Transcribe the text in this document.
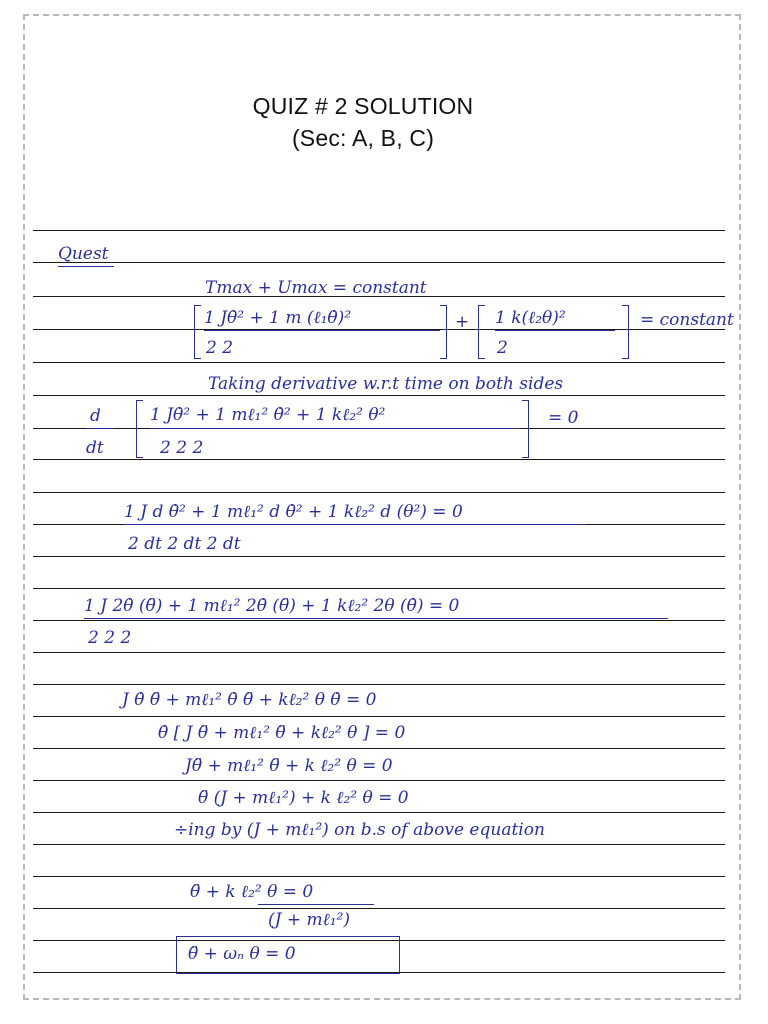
QUIZ # 2 SOLUTION
(Sec: A, B, C)
Quest
Tmax + Umax = constant
1 Jθ̇² + 1 m (ℓ₁θ̇)²
2 2
+ 1 k(ℓ₂θ)²
2
= constant
Taking derivative w.r.t time on both sides
d
dt
1 Jθ̇² + 1 mℓ₁² θ̇² + 1 kℓ₂² θ²
2 2 2
= 0
1 J d θ̇² + 1 mℓ₁² d θ̇² + 1 kℓ₂² d (θ²) = 0
2 dt 2 dt 2 dt
1 J 2θ̇ (θ̈) + 1 mℓ₁² 2θ̇ (θ̈) + 1 kℓ₂² 2θ (θ̇) = 0
2 2 2
J θ̇ θ̈ + mℓ₁² θ̇ θ̈ + kℓ₂² θ θ̇ = 0
θ̇ [ J θ̈ + mℓ₁² θ̈ + kℓ₂² θ ] = 0
Jθ̈ + mℓ₁² θ̈ + k ℓ₂² θ = 0
θ̈ (J + mℓ₁²) + k ℓ₂² θ = 0
÷ing by (J + mℓ₁²) on b.s of above equation
θ̈ + k ℓ₂² θ = 0
(J + mℓ₁²)
θ̈ + ωₙ θ = 0
